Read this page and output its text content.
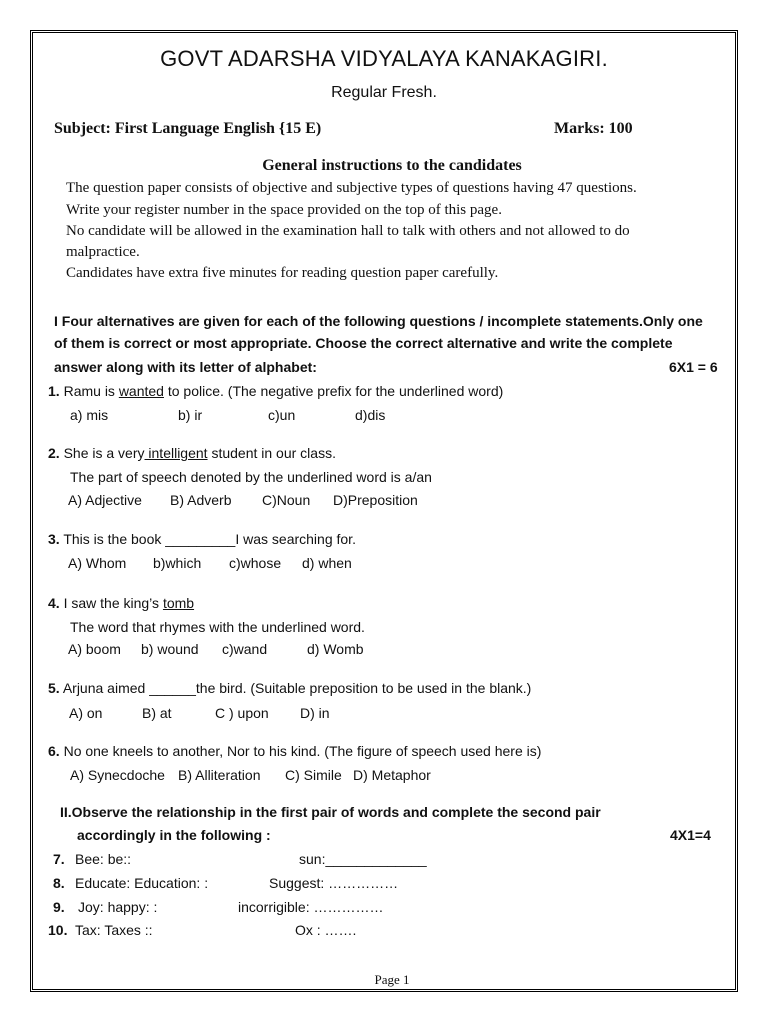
GOVT ADARSHA VIDYALAYA KANAKAGIRI.
Regular Fresh.
Subject: First Language English {15 E)	Marks: 100
General instructions to the candidates
The question paper consists of objective and subjective types of questions having 47 questions.
Write your register number in the space provided on the top of this page.
No candidate will be allowed in the examination hall to talk with others and not allowed to do
malpractice.
Candidates have extra five minutes for reading question paper carefully.
I Four alternatives are given for each of the following questions / incomplete statements.Only one
of them is correct or most appropriate. Choose the correct alternative and write the complete
answer along with its letter of alphabet:	6X1 = 6
1. Ramu is wanted to police. (The negative prefix for the underlined word)
a) mis	b) ir	c)un	d)dis
2. She is a very intelligent student in our class.
The part of speech denoted by the underlined word is a/an
A) Adjective B) Adverb C)Noun D)Preposition
3. This is the book _________I was searching for.
A) Whom b)which c)whose d) when
4. I saw the king’s tomb
The word that rhymes with the underlined word.
A) boom b) wound c)wand	d) Womb
5. Arjuna aimed ______the bird. (Suitable preposition to be used in the blank.)
A) on	B) at	C ) upon D) in
6. No one kneels to another, Nor to his kind. (The figure of speech used here is)
A) Synecdoche B) Alliteration C) Simile D) Metaphor
II.Observe the relationship in the first pair of words and complete the second pair
accordingly in the following :	4X1=4
7. Bee: be::	sun:_____________
8. Educate: Education: :	Suggest: ……………
9. Joy: happy: :	incorrigible: ……………
10. Tax: Taxes ::	Ox : …….
Page 1
